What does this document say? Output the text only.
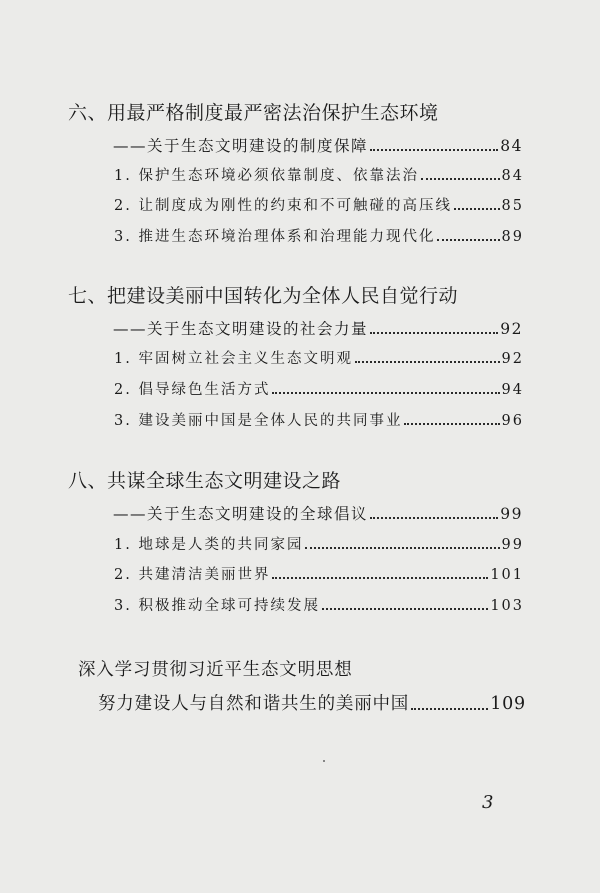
六、用最严格制度最严密法治保护生态环境
——关于生态文明建设的制度保障	84
1. 保护生态环境必须依靠制度、依靠法治	84
2. 让制度成为刚性的约束和不可触碰的高压线	85
3. 推进生态环境治理体系和治理能力现代化	89
七、把建设美丽中国转化为全体人民自觉行动
——关于生态文明建设的社会力量	92
1. 牢固树立社会主义生态文明观	92
2. 倡导绿色生活方式	94
3. 建设美丽中国是全体人民的共同事业	96
八、共谋全球生态文明建设之路
——关于生态文明建设的全球倡议	99
1. 地球是人类的共同家园	99
2. 共建清洁美丽世界	101
3. 积极推动全球可持续发展	103
深入学习贯彻习近平生态文明思想
努力建设人与自然和谐共生的美丽中国	109
3
